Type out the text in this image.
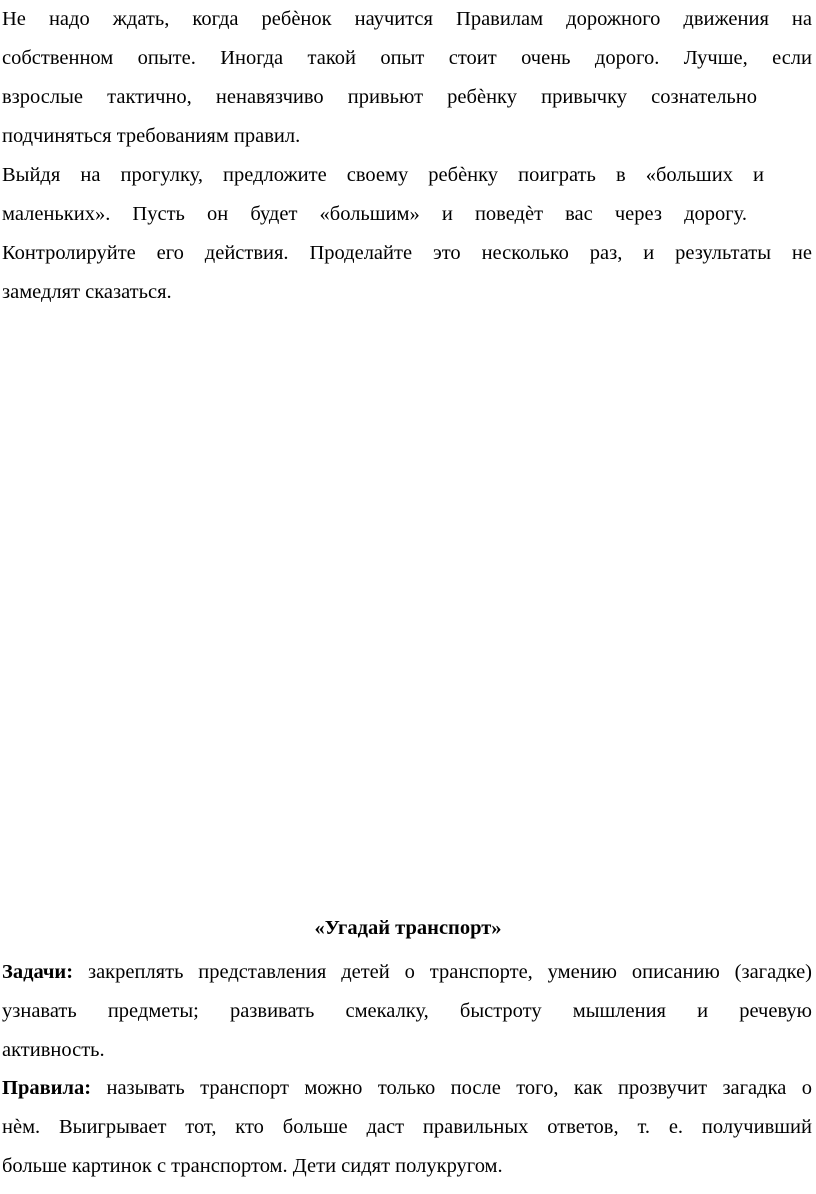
Не надо ждать, когда ребѐнок научится Правилам дорожного движения на
собственном опыте. Иногда такой опыт стоит очень дорого. Лучше, если
взрослые тактично, ненавязчиво привьют ребѐнку привычку сознательно
подчиняться требованиям правил.
Выйдя на прогулку, предложите своему ребѐнку поиграть в «больших и
маленьких». Пусть он будет «большим» и поведѐт вас через дорогу.
Контролируйте его действия. Проделайте это несколько раз, и результаты не
замедлят сказаться.
«Угадай транспорт»
Задачи: закреплять представления детей о транспорте, умению описанию (загадке)
узнавать предметы; развивать смекалку, быстроту мышления и речевую
активность.
Правила: называть транспорт можно только после того, как прозвучит загадка о
нѐм. Выигрывает тот, кто больше даст правильных ответов, т. е. получивший
больше картинок с транспортом. Дети сидят полукругом.
